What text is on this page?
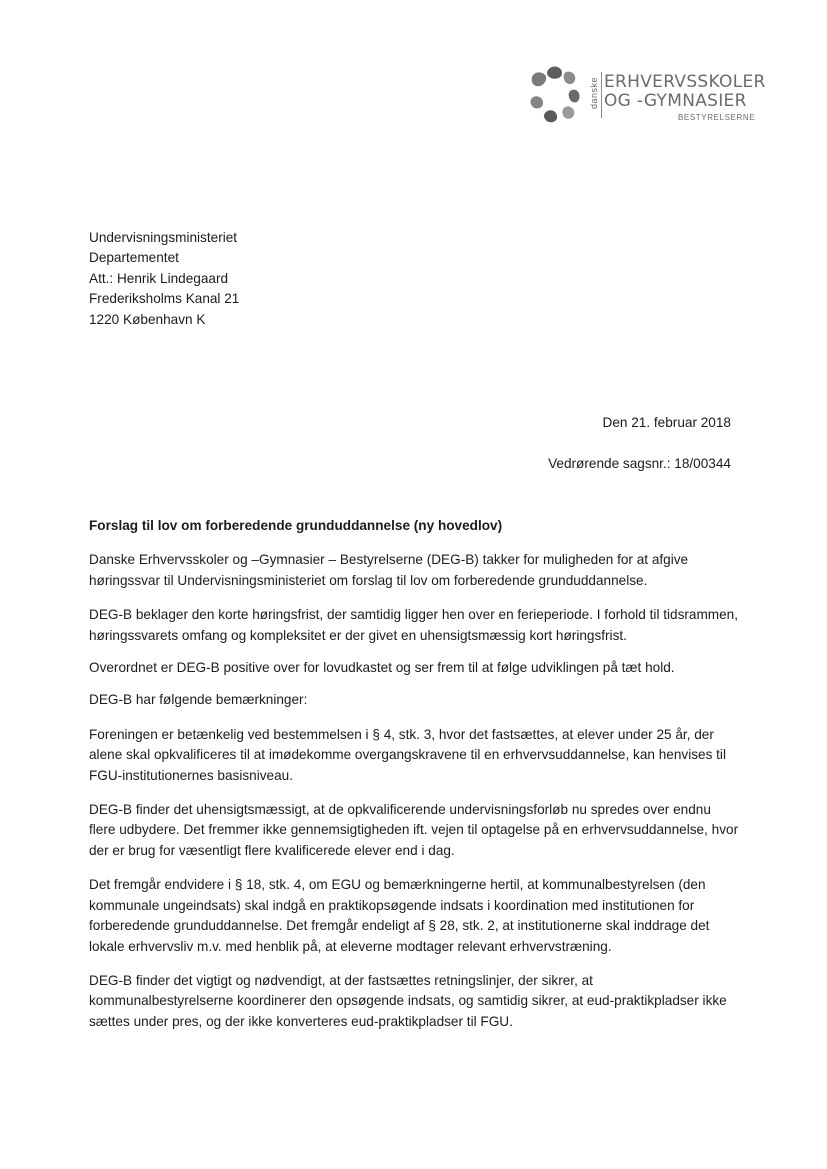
danske ERHVERVSSKOLER
OG -GYMNASIER
BESTYRELSERNE
Undervisningsministeriet
Departementet
Att.: Henrik Lindegaard
Frederiksholms Kanal 21
1220 København K
Den 21. februar 2018
Vedrørende sagsnr.: 18/00344
Forslag til lov om forberedende grunduddannelse (ny hovedlov)

Danske Erhvervsskoler og –Gymnasier – Bestyrelserne (DEG-B) takker for muligheden for at afgive høringssvar til Undervisningsministeriet om forslag til lov om forberedende grunduddannelse.

DEG-B beklager den korte høringsfrist, der samtidig ligger hen over en ferieperiode. I forhold til tidsrammen, høringssvarets omfang og kompleksitet er der givet en uhensigtsmæssig kort høringsfrist.

Overordnet er DEG-B positive over for lovudkastet og ser frem til at følge udviklingen på tæt hold.

DEG-B har følgende bemærkninger:

Foreningen er betænkelig ved bestemmelsen i § 4, stk. 3, hvor det fastsættes, at elever under 25 år, der alene skal opkvalificeres til at imødekomme overgangskravene til en erhvervsuddannelse, kan henvises til FGU-institutionernes basisniveau.

DEG-B finder det uhensigtsmæssigt, at de opkvalificerende undervisningsforløb nu spredes over endnu flere udbydere. Det fremmer ikke gennemsigtigheden ift. vejen til optagelse på en erhvervsuddannelse, hvor der er brug for væsentligt flere kvalificerede elever end i dag.

Det fremgår endvidere i § 18, stk. 4, om EGU og bemærkningerne hertil, at kommunalbestyrelsen (den kommunale ungeindsats) skal indgå en praktikopsøgende indsats i koordination med institutionen for forberedende grunduddannelse. Det fremgår endeligt af § 28, stk. 2, at institutionerne skal inddrage det lokale erhvervsliv m.v. med henblik på, at eleverne modtager relevant erhvervstræning.

DEG-B finder det vigtigt og nødvendigt, at der fastsættes retningslinjer, der sikrer, at kommunalbestyrelserne koordinerer den opsøgende indsats, og samtidig sikrer, at eud-praktikpladser ikke sættes under pres, og der ikke konverteres eud-praktikpladser til FGU.
